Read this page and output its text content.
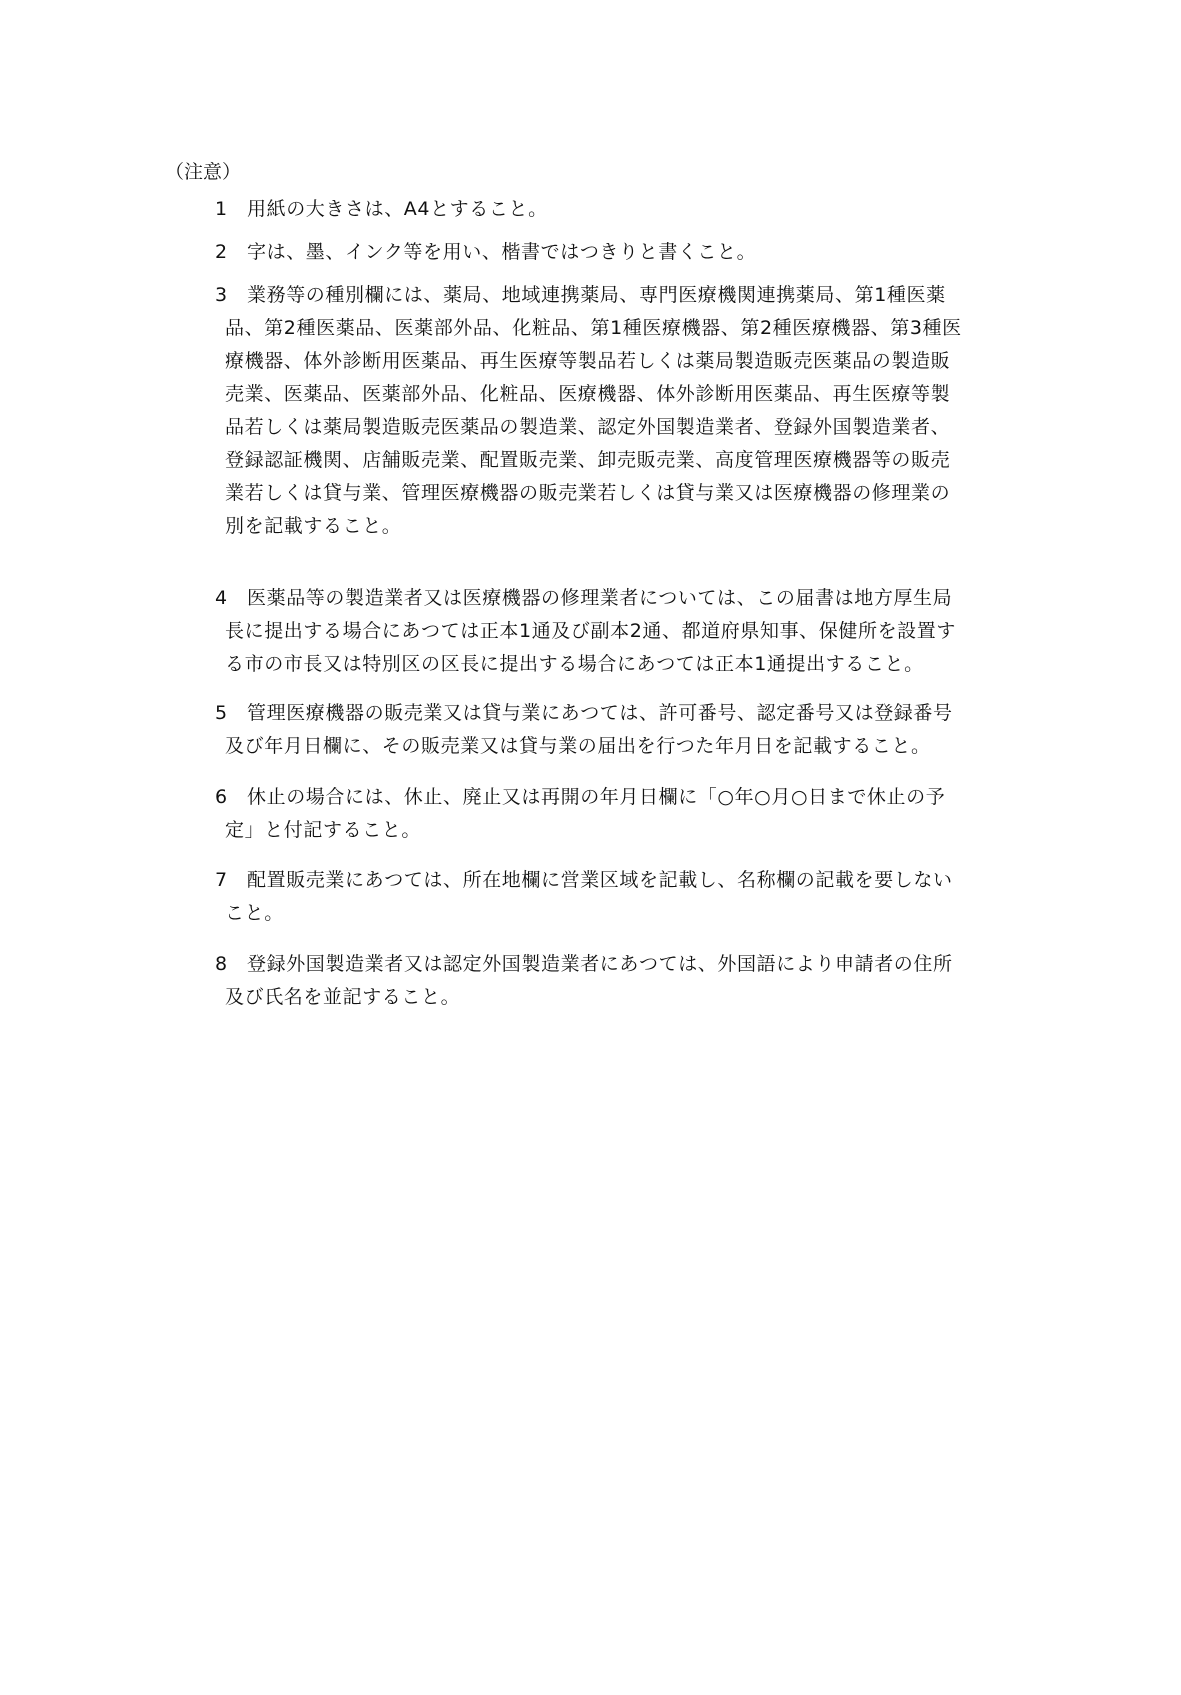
（注意）
1	用紙の大きさは、A4とすること。
2	字は、墨、インク等を用い、楷書ではつきりと書くこと。
3	業務等の種別欄には、薬局、地域連携薬局、専門医療機関連携薬局、第1種医薬
品、第2種医薬品、医薬部外品、化粧品、第1種医療機器、第2種医療機器、第3種医
療機器、体外診断用医薬品、再生医療等製品若しくは薬局製造販売医薬品の製造販
売業、医薬品、医薬部外品、化粧品、医療機器、体外診断用医薬品、再生医療等製
品若しくは薬局製造販売医薬品の製造業、認定外国製造業者、登録外国製造業者、
登録認証機関、店舗販売業、配置販売業、卸売販売業、高度管理医療機器等の販売
業若しくは貸与業、管理医療機器の販売業若しくは貸与業又は医療機器の修理業の
別を記載すること。
4	医薬品等の製造業者又は医療機器の修理業者については、この届書は地方厚生局
長に提出する場合にあつては正本1通及び副本2通、都道府県知事、保健所を設置す
る市の市長又は特別区の区長に提出する場合にあつては正本1通提出すること。
5	管理医療機器の販売業又は貸与業にあつては、許可番号、認定番号又は登録番号
及び年月日欄に、その販売業又は貸与業の届出を行つた年月日を記載すること。
6	休止の場合には、休止、廃止又は再開の年月日欄に「○年○月○日まで休止の予
定」と付記すること。
7	配置販売業にあつては、所在地欄に営業区域を記載し、名称欄の記載を要しない
こと。
8	登録外国製造業者又は認定外国製造業者にあつては、外国語により申請者の住所
及び氏名を並記すること。
